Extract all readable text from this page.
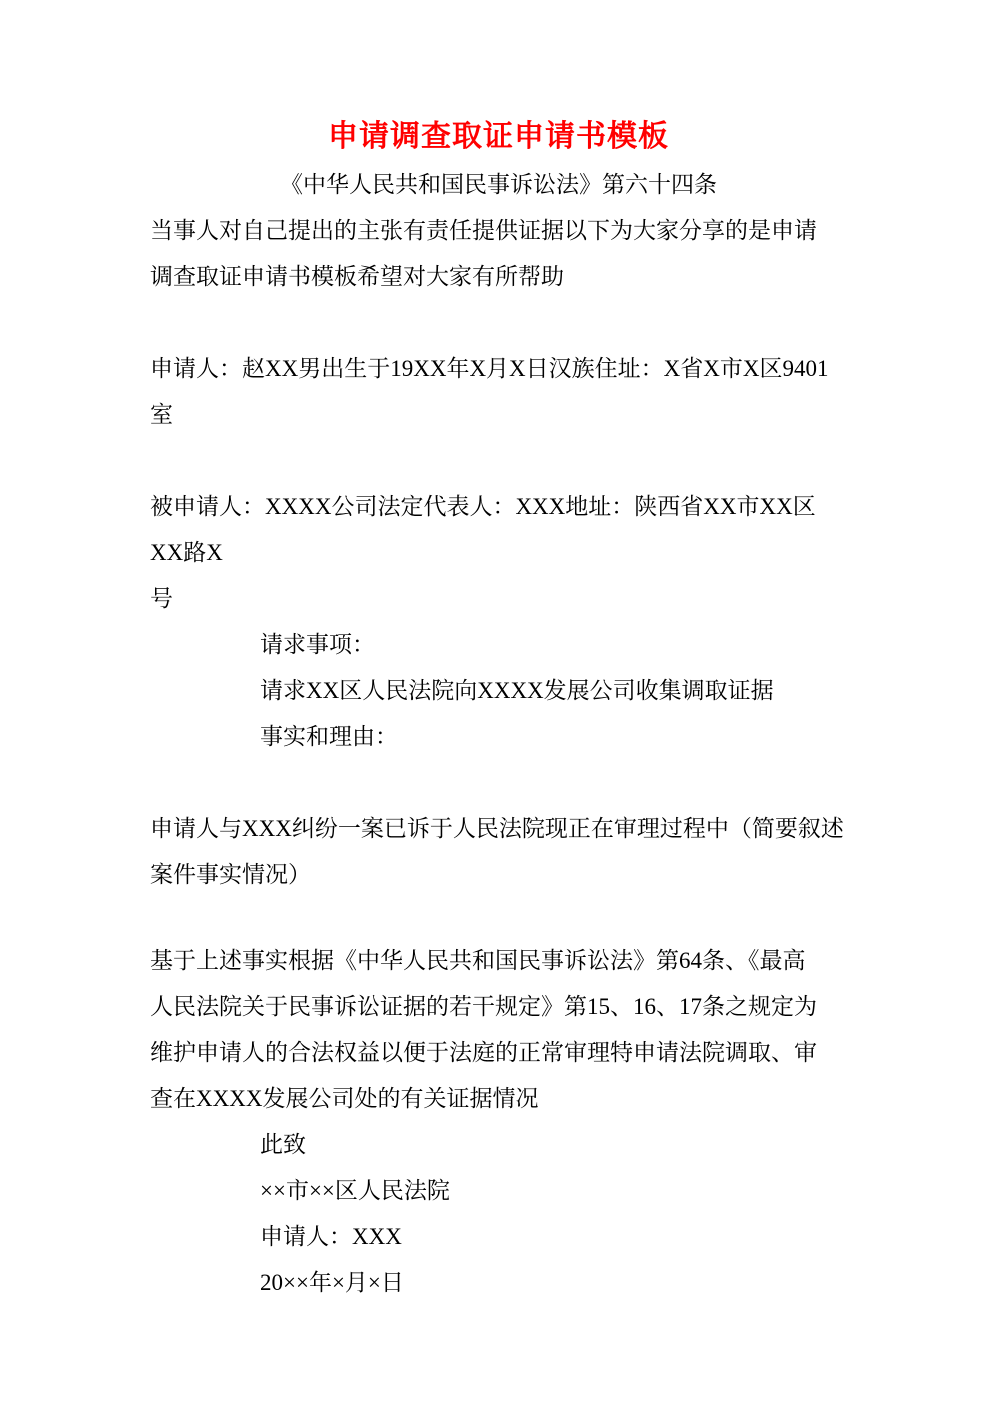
申请调查取证申请书模板
《中华人民共和国民事诉讼法》第六十四条
当事人对自己提出的主张有责任提供证据以下为大家分享的是申请
调查取证申请书模板希望对大家有所帮助
申请人：赵XX男出生于19XX年X月X日汉族住址：X省X市X区9401室
被申请人：XXXX公司法定代表人：XXX地址：陕西省XX市XX区XX路X
号
请求事项：
请求XX区人民法院向XXXX发展公司收集调取证据
事实和理由：
申请人与XXX纠纷一案已诉于人民法院现正在审理过程中（简要叙述
案件事实情况）
基于上述事实根据《中华人民共和国民事诉讼法》第64条、《最高
人民法院关于民事诉讼证据的若干规定》第15、16、17条之规定为
维护申请人的合法权益以便于法庭的正常审理特申请法院调取、审
查在XXXX发展公司处的有关证据情况
此致
××市××区人民法院
申请人：XXX
20××年×月×日
